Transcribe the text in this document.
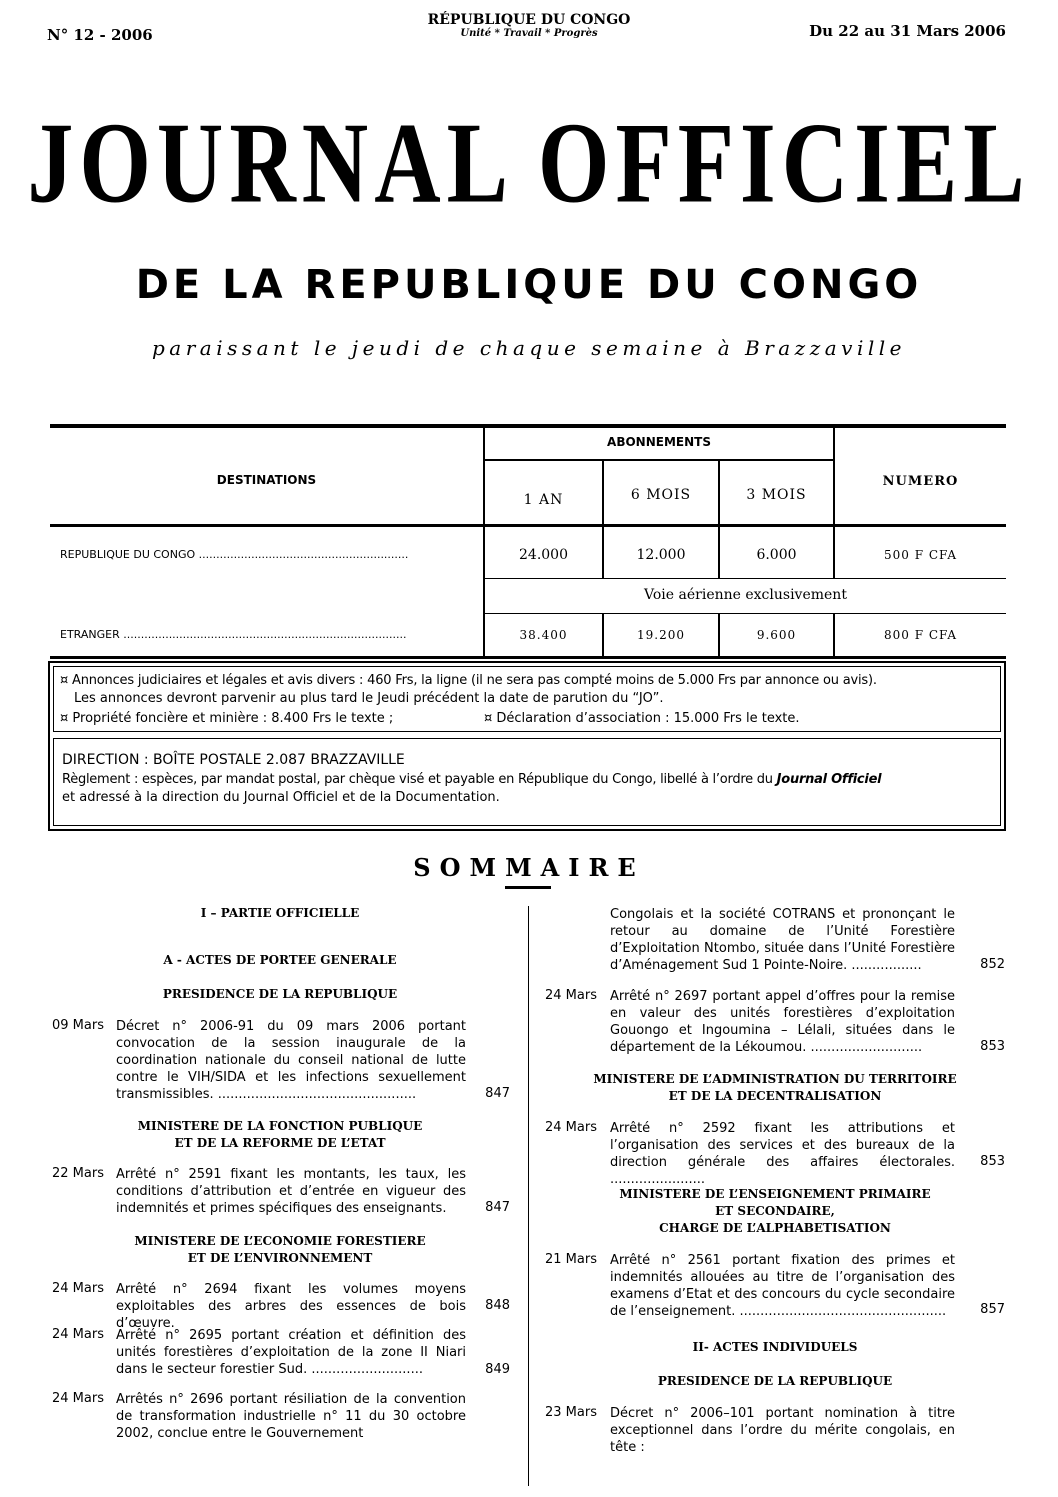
N° 12 - 2006
RÉPUBLIQUE DU CONGO
Unité * Travail * Progrès	Du 22 au 31 Mars 2006
JOURNAL OFFICIEL
DE LA REPUBLIQUE DU CONGO
paraissant le jeudi de chaque semaine à Brazzaville
ABONNEMENTS
DESTINATIONS	NUMERO
1 AN	6 MOIS	3 MOIS
REPUBLIQUE DU CONGO ............................................................	24.000	12.000	6.000	500 F CFA
Voie aérienne exclusivement
ETRANGER .................................................................................	38.400	19.200	9.600	800 F CFA
¤ Annonces judiciaires et légales et avis divers : 460 Frs, la ligne (il ne sera pas compté moins de 5.000 Frs par annonce ou avis).
Les annonces devront parvenir au plus tard le Jeudi précédent la date de parution du “JO”.
¤ Propriété foncière et minière : 8.400 Frs le texte ;	¤ Déclaration d’association : 15.000 Frs le texte.
DIRECTION : BOÎTE POSTALE 2.087 BRAZZAVILLE
Règlement : espèces, par mandat postal, par chèque visé et payable en République du Congo, libellé à l’ordre du Journal Officiel
et adressé à la direction du Journal Officiel et de la Documentation.
SOMMAIRE
I – PARTIE OFFICIELLE
A - ACTES DE PORTEE GENERALE
PRESIDENCE DE LA REPUBLIQUE
09 Mars Décret n° 2006-91 du 09 mars 2006 portant convocation de la session inaugurale de la coordination nationale du conseil national de lutte contre le VIH/SIDA et les infections sexuellement transmissibles. ................................................	847
MINISTERE DE LA FONCTION PUBLIQUE
ET DE LA REFORME DE L’ETAT
22 Mars Arrêté n° 2591 fixant les montants, les taux, les conditions d’attribution et d’entrée en vigueur des indemnités et primes spécifiques des enseignants.	847
MINISTERE DE L’ECONOMIE FORESTIERE
ET DE L’ENVIRONNEMENT
24 Mars Arrêté n° 2694 fixant les volumes moyens exploitables des arbres des essences de bois d’œuvre.
848
24 Mars Arrêté n° 2695 portant création et définition des unités forestières d’exploitation de la zone II Niari dans le secteur forestier Sud. ...........................	849
24 Mars Arrêtés n° 2696 portant résiliation de la convention de transformation industrielle n° 11 du 30 octobre 2002, conclue entre le Gouvernement
Congolais et la société COTRANS et prononçant le retour au domaine de l’Unité Forestière d’Exploitation Ntombo, située dans l’Unité Forestière d’Aménagement Sud 1 Pointe-Noire. .................	852
24 Mars Arrêté n° 2697 portant appel d’offres pour la remise en valeur des unités forestières d’exploitation Gouongo et Ingoumina – Lélali, situées dans le département de la Lékoumou. ...........................	853
MINISTERE DE L’ADMINISTRATION DU TERRITOIRE
ET DE LA DECENTRALISATION
24 Mars Arrêté n° 2592 fixant les attributions et l’organisation des services et des bureaux de la direction générale des affaires électorales. .......................
853
MINISTERE DE L’ENSEIGNEMENT PRIMAIRE
ET SECONDAIRE,
CHARGE DE L’ALPHABETISATION
21 Mars Arrêté n° 2561 portant fixation des primes et indemnités allouées au titre de l’organisation des examens d’Etat et des concours du cycle secondaire de l’enseignement. ..................................................	857
II- ACTES INDIVIDUELS
PRESIDENCE DE LA REPUBLIQUE
23 Mars Décret n° 2006–101 portant nomination à titre exceptionnel dans l’ordre du mérite congolais, en tête :
